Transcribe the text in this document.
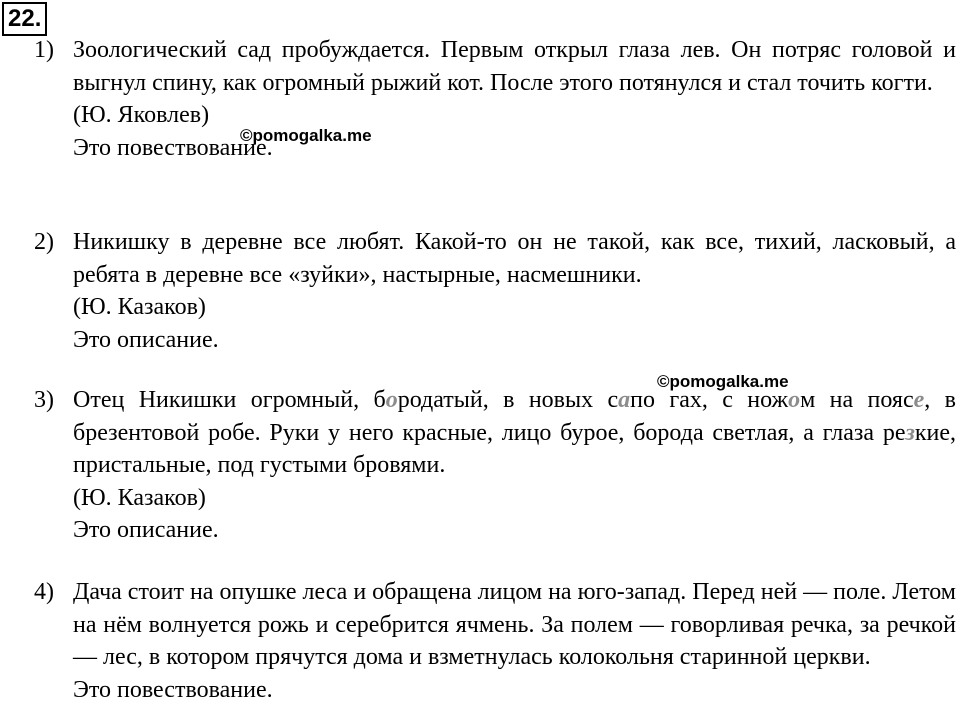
22.
1) Зоологический сад пробуждается. Первым открыл глаза лев. Он потряс головой и выгнул спину, как огромный рыжий кот. После этого потянулся и стал точить когти.

(Ю. Яковлев)

Это повествование.

©pomogalka.me
2) Никишку в деревне все любят. Какой-то он не такой, как все, тихий, ласковый, а ребята в деревне все «зуйки», настырные, насмешники.

(Ю. Казаков)

Это описание.

©pomogalka.me
3) Отец Никишки огромный, бородатый, в новых сапо гах, с ножом на поясе, в брезентовой робе. Руки у него красные, лицо бурое, борода светлая, а глаза резкие, пристальные, под густыми бровями.

(Ю. Казаков)

Это описание.

4) Дача стоит на опушке леса и обращена лицом на юго-запад. Перед ней — поле. Летом на нём волнуется рожь и серебрится ячмень. За полем — говорливая речка, за речкой — лес, в котором прячутся дома и взметнулась колокольня старинной церкви.

Это повествование.
